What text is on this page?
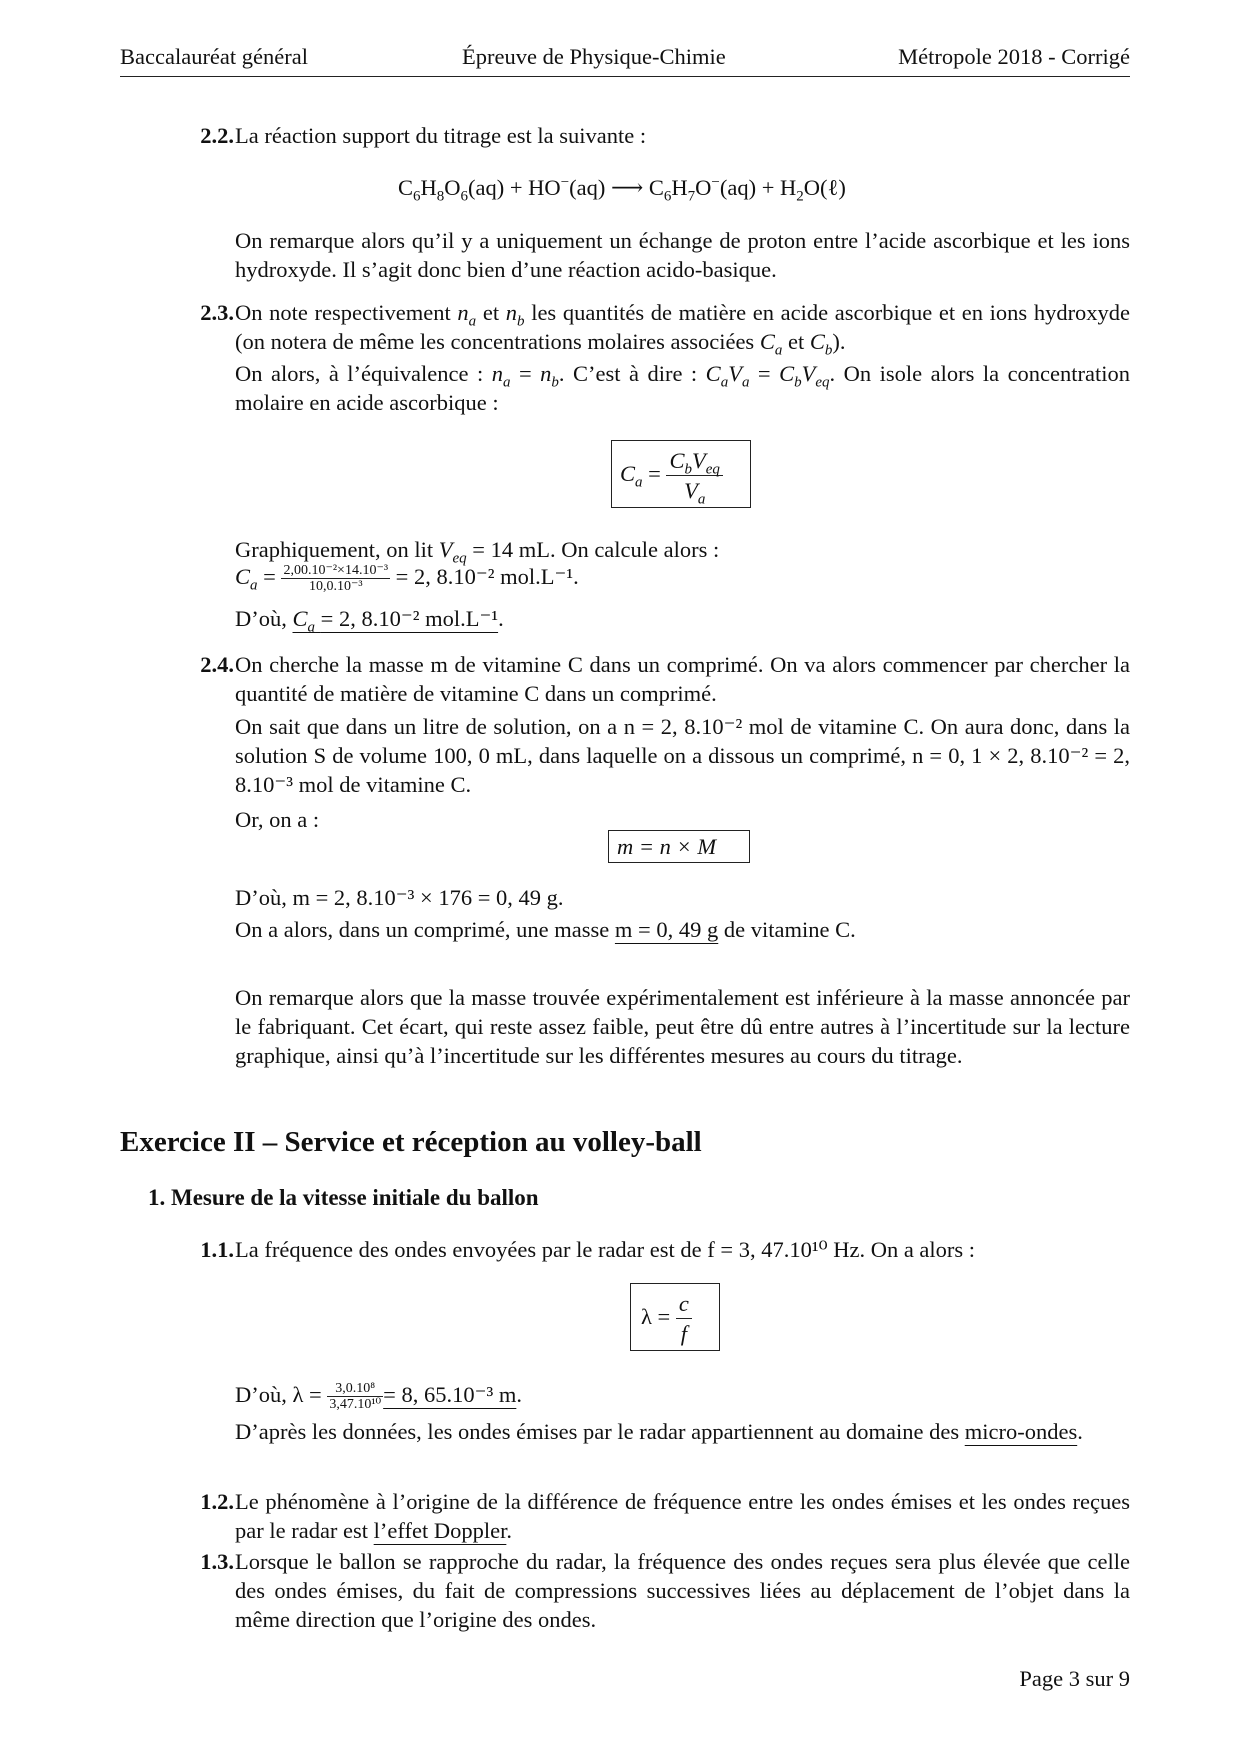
Baccalauréat général	Épreuve de Physique-Chimie	Métropole 2018 - Corrigé
2.2. La réaction support du titrage est la suivante :
$C_6H_8O_6(aq) + HO^-(aq)$ ⟶ $C_6H_7O^-(aq)$ + $H_2O(\ell)$
On remarque alors qu’il y a uniquement un échange de proton entre l’acide ascorbique et les ions hydroxyde. Il s’agit donc bien d’une réaction acido-basique.
2.3. On note respectivement $n_a$ et $n_b$ les quantités de matière en acide ascorbique et en ions hydroxyde (on notera de même les concentrations molaires associées $C_a$ et $C_b$).
On alors, à l’équivalence : $n_a = n_b$. C’est à dire : $C_aV_a = C_bV_{eq}$. On isole alors la concentration molaire en acide ascorbique :
$C_a = \frac{C_bV_{eq}}{V_a}$
Graphiquement, on lit $V_{eq} = 14$ mL. On calcule alors :
$C_a = \frac{\text{2,00.10⁻²×14.10⁻³}}{\text{10,0.10⁻³}} = 2$, 8.10⁻² mol.L⁻¹.
D’où, $C_a = 2$, 8.10⁻² mol.L⁻¹.
2.4. On cherche la masse m de vitamine C dans un comprimé. On va alors commencer par chercher la quantité de matière de vitamine C dans un comprimé.
On sait que dans un litre de solution, on a n = 2, 8.10⁻² mol de vitamine C. On aura donc, dans la solution S de volume 100, 0 mL, dans laquelle on a dissous un comprimé, n = 0, 1 × 2, 8.10⁻² = 2, 8.10⁻³ mol de vitamine C.
Or, on a :
m = n × M
D’où, m = 2, 8.10⁻³ × 176 = 0, 49 g.
On a alors, dans un comprimé, une masse m = 0, 49 g de vitamine C.
On remarque alors que la masse trouvée expérimentalement est inférieure à la masse annoncée par le fabriquant. Cet écart, qui reste assez faible, peut être dû entre autres à l’incertitude sur la lecture graphique, ainsi qu’à l’incertitude sur les différentes mesures au cours du titrage.
Exercice II – Service et réception au volley-ball
1. Mesure de la vitesse initiale du ballon
1.1. La fréquence des ondes envoyées par le radar est de f = 3, 47.10¹⁰ Hz. On a alors :
$\lambda = \frac{c}{f}$
D’où, $\lambda = \frac{\text{3,0.10⁸}}{\text{3,47.10¹⁰}} = 8$, 65.10⁻³ m.
D’après les données, les ondes émises par le radar appartiennent au domaine des micro-ondes.
1.2. Le phénomène à l’origine de la différence de fréquence entre les ondes émises et les ondes reçues par le radar est l’effet Doppler.
1.3. Lorsque le ballon se rapproche du radar, la fréquence des ondes reçues sera plus élevée que celle des ondes émises, du fait de compressions successives liées au déplacement de l’objet dans la même direction que l’origine des ondes.
Page 3 sur 9
